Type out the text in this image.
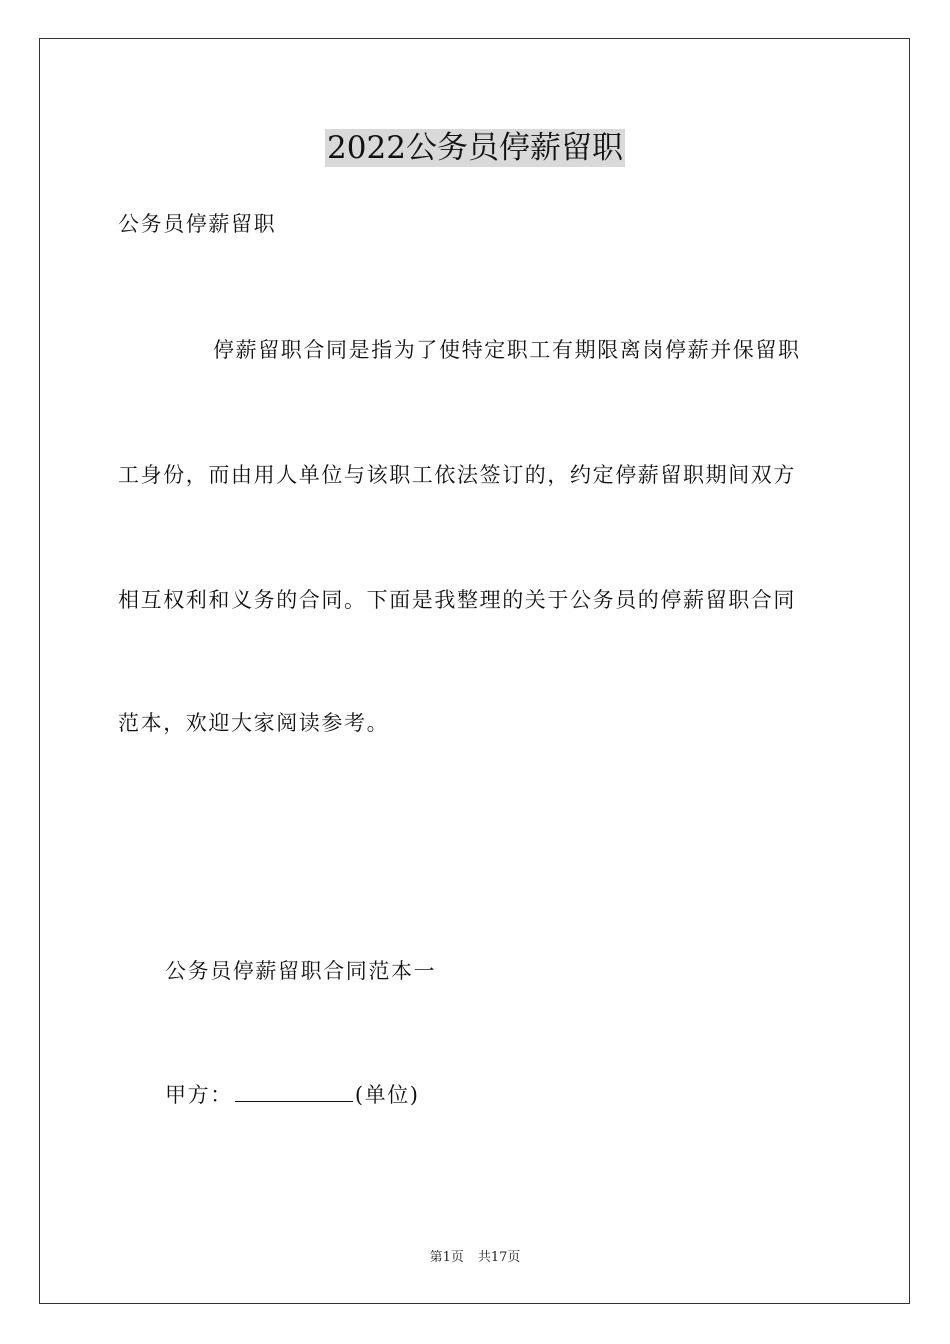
2022公务员停薪留职
公务员停薪留职
停薪留职合同是指为了使特定职工有期限离岗停薪并保留职
工身份，而由用人单位与该职工依法签订的，约定停薪留职期间双方
相互权利和义务的合同。下面是我整理的关于公务员的停薪留职合同
范本，欢迎大家阅读参考。
公务员停薪留职合同范本一
甲方：	(单位)
第1页 共17页
